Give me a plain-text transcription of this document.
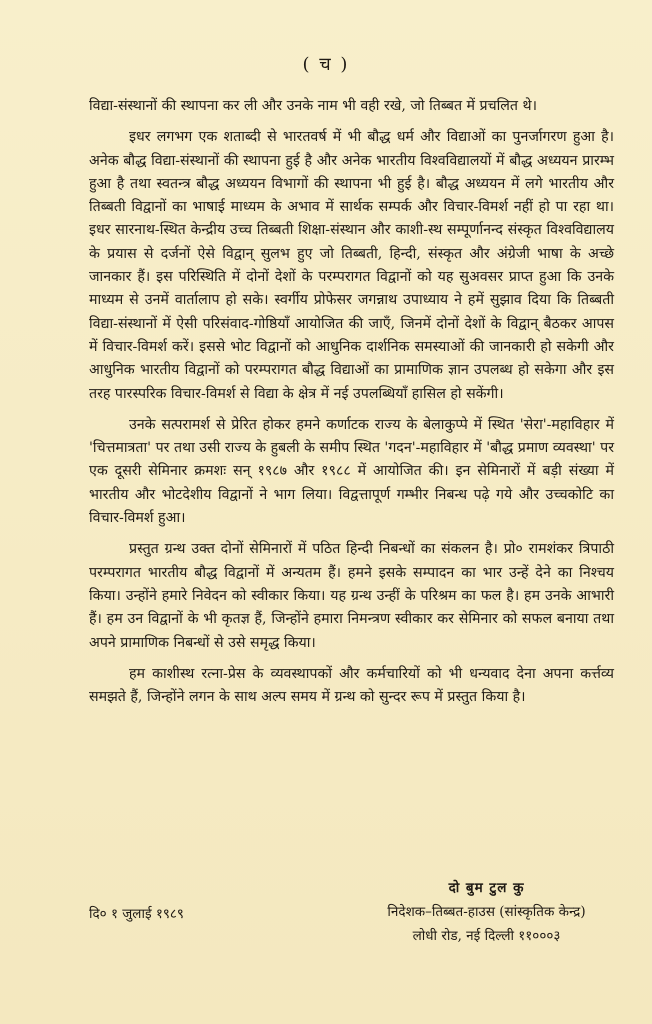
( च )

विद्या-संस्थानों की स्थापना कर ली और उनके नाम भी वही रखे, जो तिब्बत में प्रचलित थे।

इधर लगभग एक शताब्दी से भारतवर्ष में भी बौद्ध धर्म और विद्याओं का पुनर्जागरण हुआ है। अनेक बौद्ध विद्या-संस्थानों की स्थापना हुई है और अनेक भारतीय विश्वविद्यालयों में बौद्ध अध्ययन प्रारम्भ हुआ है तथा स्वतन्त्र बौद्ध अध्ययन विभागों की स्थापना भी हुई है। बौद्ध अध्ययन में लगे भारतीय और तिब्बती विद्वानों का भाषाई माध्यम के अभाव में सार्थक सम्पर्क और विचार-विमर्श नहीं हो पा रहा था। इधर सारनाथ-स्थित केन्द्रीय उच्च तिब्बती शिक्षा-संस्थान और काशी-स्थ सम्पूर्णानन्द संस्कृत विश्वविद्यालय के प्रयास से दर्जनों ऐसे विद्वान् सुलभ हुए जो तिब्बती, हिन्दी, संस्कृत और अंग्रेजी भाषा के अच्छे जानकार हैं। इस परिस्थिति में दोनों देशों के परम्परागत विद्वानों को यह सुअवसर प्राप्त हुआ कि उनके माध्यम से उनमें वार्तालाप हो सके। स्वर्गीय प्रोफेसर जगन्नाथ उपाध्याय ने हमें सुझाव दिया कि तिब्बती विद्या-संस्थानों में ऐसी परिसंवाद-गोष्ठियाँ आयोजित की जाएँ, जिनमें दोनों देशों के विद्वान् बैठकर आपस में विचार-विमर्श करें। इससे भोट विद्वानों को आधुनिक दार्शनिक समस्याओं की जानकारी हो सकेगी और आधुनिक भारतीय विद्वानों को परम्परागत बौद्ध विद्याओं का प्रामाणिक ज्ञान उपलब्ध हो सकेगा और इस तरह पारस्परिक विचार-विमर्श से विद्या के क्षेत्र में नई उपलब्धियाँ हासिल हो सकेंगी।

उनके सत्परामर्श से प्रेरित होकर हमने कर्णाटक राज्य के बेलाकुप्पे में स्थित 'सेरा'-महाविहार में 'चित्तमात्रता' पर तथा उसी राज्य के हुबली के समीप स्थित 'गदन'-महाविहार में 'बौद्ध प्रमाण व्यवस्था' पर एक दूसरी सेमिनार क्रमशः सन् १९८७ और १९८८ में आयोजित की। इन सेमिनारों में बड़ी संख्या में भारतीय और भोटदेशीय विद्वानों ने भाग लिया। विद्वत्तापूर्ण गम्भीर निबन्ध पढ़े गये और उच्चकोटि का विचार-विमर्श हुआ।

प्रस्तुत ग्रन्थ उक्त दोनों सेमिनारों में पठित हिन्दी निबन्धों का संकलन है। प्रो० रामशंकर त्रिपाठी परम्परागत भारतीय बौद्ध विद्वानों में अन्यतम हैं। हमने इसके सम्पादन का भार उन्हें देने का निश्चय किया। उन्होंने हमारे निवेदन को स्वीकार किया। यह ग्रन्थ उन्हीं के परिश्रम का फल है। हम उनके आभारी हैं। हम उन विद्वानों के भी कृतज्ञ हैं, जिन्होंने हमारा निमन्त्रण स्वीकार कर सेमिनार को सफल बनाया तथा अपने प्रामाणिक निबन्धों से उसे समृद्ध किया।

हम काशीस्थ रत्ना-प्रेस के व्यवस्थापकों और कर्मचारियों को भी धन्यवाद देना अपना कर्त्तव्य समझते हैं, जिन्होंने लगन के साथ अल्प समय में ग्रन्थ को सुन्दर रूप में प्रस्तुत किया है।

दो बुम टुल कु
निदेशक–तिब्बत-हाउस (सांस्कृतिक केन्द्र)
लोधी रोड, नई दिल्ली ११०००३
दि० १ जुलाई १९८९
